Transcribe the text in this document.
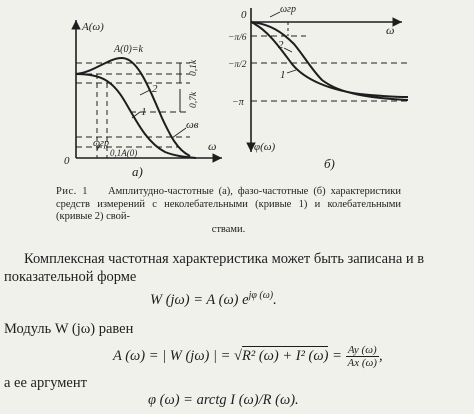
A(ω)
A(0)=k
0,1k
0,7k
2
1
ωв
ωгр
0,1A(0)
0
ω
а)
0	ωгр
ω
−π/6
−π/2
−π
2
1
φ(ω)
б)
Рис. 1 Амплитудно-частотные (а), фазо-частотные (б) характеристики средств измерений с неколебательными (кривые 1) и колебательными (кривые 2) свой-
ствами.
Комплексная частотная характеристика может быть записана и в показательной форме
W (jω) = A (ω) $e^{j\varphi (\omega)}$.
Модуль W (jω) равен
A (ω) = | W (jω) | = √R² (ω) + I² $(\omega) = \frac{Ay (\omega)}{Ax (\omega)}$ ,
а ее аргумент
φ (ω) = arctg I (ω)/R (ω).
